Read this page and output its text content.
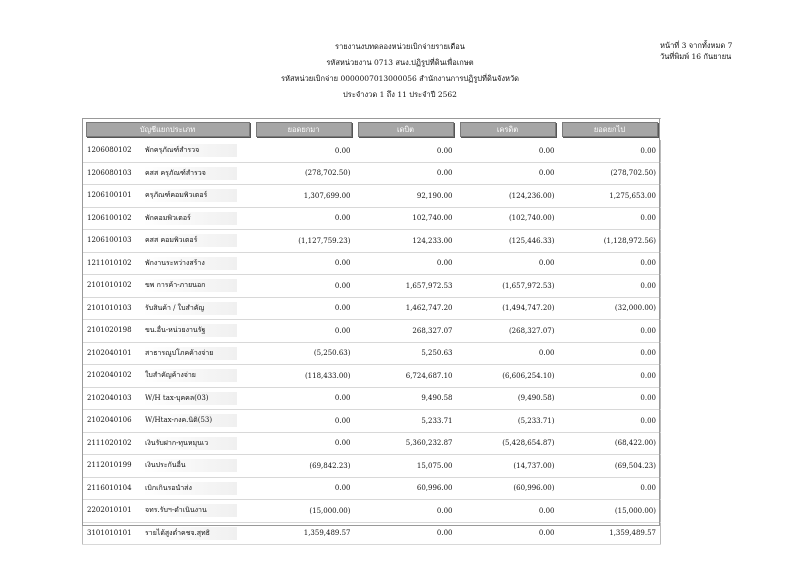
รายงานงบทดลองหน่วยเบิกจ่ายรายเดือน
รหัสหน่วยงาน 0713 สนง.ปฏิรูปที่ดินเพื่อเกษต
รหัสหน่วยเบิกจ่าย 0000007013000056 สำนักงานการปฏิรูปที่ดินจังหวัด
ประจำงวด 1 ถึง 11 ประจำปี 2562
หน้าที่ 3 จากทั้งหมด 7
วันที่พิมพ์ 16 กันยายน
บัญชีแยกประเภท	ยอดยกมา	เดบิต	เครดิต	ยอดยกไป

1206080102 พักครุภัณฑ์สำรวจ	0.00	0.00	0.00	0.00
1206080103 คสส ครุภัณฑ์สำรวจ	(278,702.50)	0.00	0.00	(278,702.50)
1206100101 ครุภัณฑ์คอมพิวเตอร์	1,307,699.00	92,190.00	(124,236.00)	1,275,653.00
1206100102 พักคอมพิวเตอร์	0.00	102,740.00	(102,740.00)	0.00
1206100103 คสส คอมพิวเตอร์	(1,127,759.23)	124,233.00	(125,446.33)	(1,128,972.56)
1211010102 พักงานระหว่างสร้าง	0.00	0.00	0.00	0.00
2101010102 ขพ การค้า-ภายนอก	0.00	1,657,972.53	(1,657,972.53)	0.00
2101010103 รับสินค้า / ใบสำคัญ	0.00	1,462,747.20	(1,494,747.20)	(32,000.00)
2101020198 ขน.อื่น-หน่วยงานรัฐ	0.00	268,327.07	(268,327.07)	0.00
2102040101 สาธารณูปโภคค้างจ่าย	(5,250.63)	5,250.63	0.00	0.00
2102040102 ใบสำคัญค้างจ่าย	(118,433.00)	6,724,687.10	(6,606,254.10)	0.00
2102040103 W/H tax-บุคคล(03)	0.00	9,490.58	(9,490.58)	0.00
2102040106 W/Htax-กงค.นิติ(53)	0.00	5,233.71	(5,233.71)	0.00
2111020102 เงินรับฝาก-ทุนหมุนเว	0.00	5,360,232.87	(5,428,654.87)	(68,422.00)
2112010199 เงินประกันอื่น	(69,842.23)	15,075.00	(14,737.00)	(69,504.23)
2116010104 เบิกเกินรอนำส่ง	0.00	60,996.00	(60,996.00)	0.00
2202010101 จทร.รับฯ-ดำเนินงาน	(15,000.00)	0.00	0.00	(15,000.00)
3101010101 รายได้สูงต่ำคชจ.สุทธิ	1,359,489.57	0.00	0.00	1,359,489.57
